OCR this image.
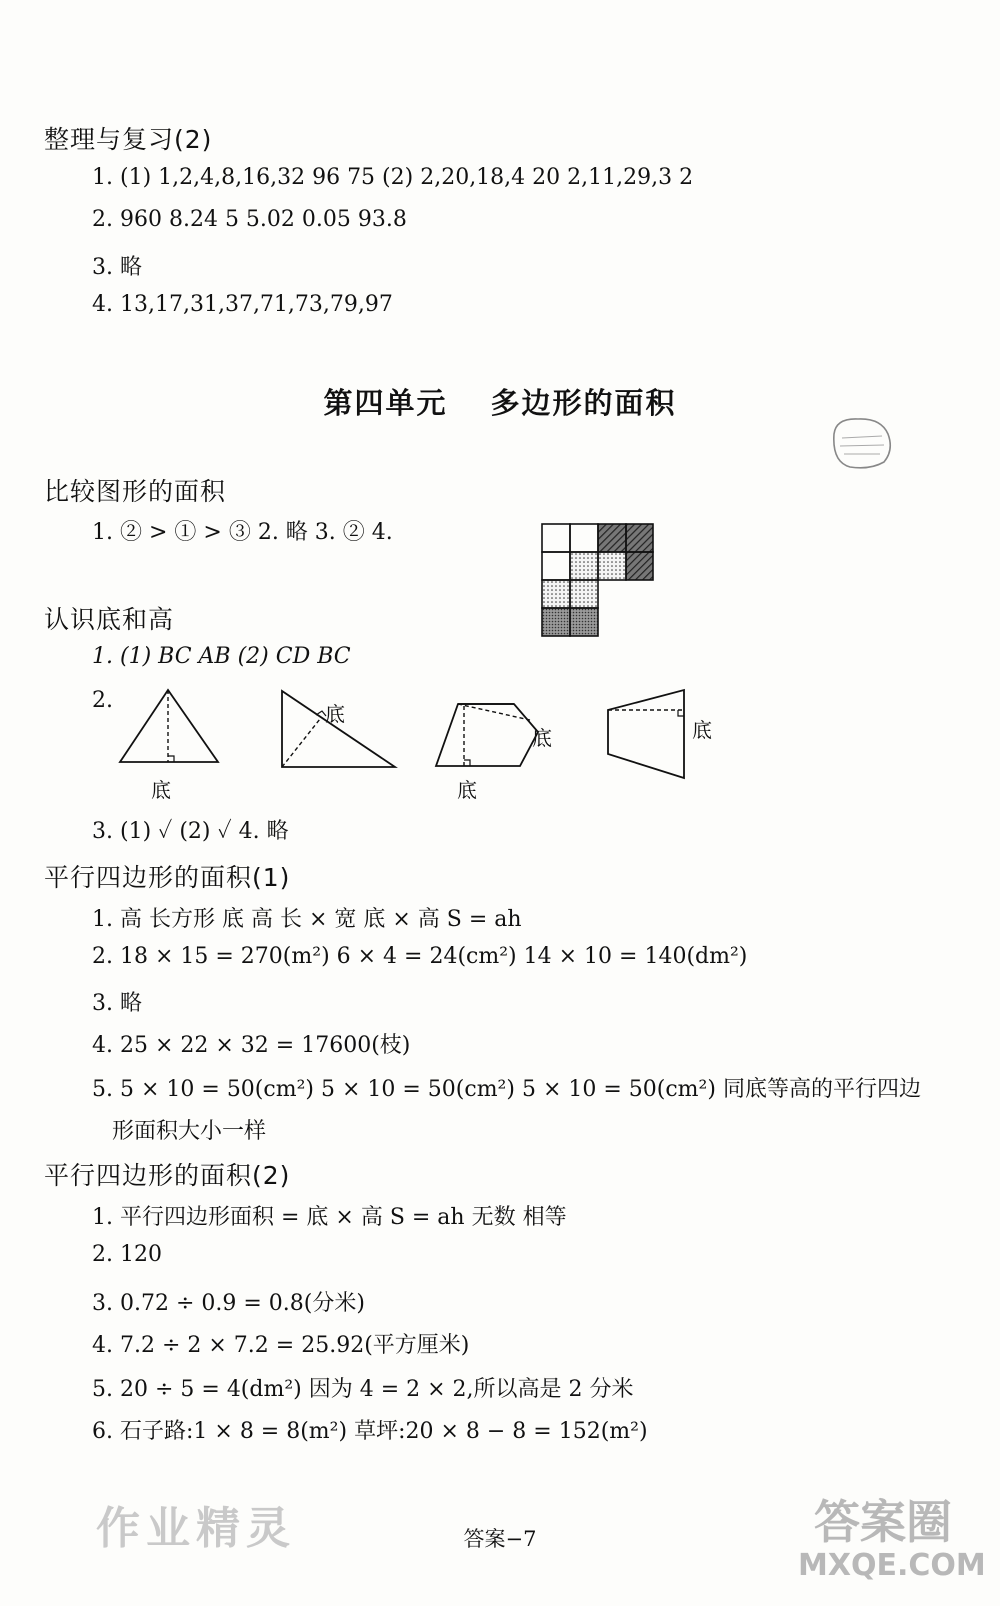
整理与复习(2)
1. (1) 1,2,4,8,16,32 96 75 (2) 2,20,18,4 20 2,11,29,3 2
2. 960 8.24 5 5.02 0.05 93.8
3. 略
4. 13,17,31,37,71,73,79,97
第四单元　 多边形的面积
比较图形的面积
1. ② > ① > ③ 2. 略 3. ② 4.
认识底和高
1. (1) BC AB (2) CD BC
2.
底
底
底
底
底
3. (1) ✓ (2) ✓ 4. 略
平行四边形的面积(1)
1. 高 长方形 底 高 长 × 宽 底 × 高 S = ah
2. 18 × 15 = 270(m²) 6 × 4 = 24(cm²) 14 × 10 = 140(dm²)
3. 略
4. 25 × 22 × 32 = 17600(枝)
5. 5 × 10 = 50(cm²) 5 × 10 = 50(cm²) 5 × 10 = 50(cm²) 同底等高的平行四边
形面积大小一样
平行四边形的面积(2)
1. 平行四边形面积 = 底 × 高 S = ah 无数 相等
2. 120
3. 0.72 ÷ 0.9 = 0.8(分米)
4. 7.2 ÷ 2 × 7.2 = 25.92(平方厘米)
5. 20 ÷ 5 = 4(dm²) 因为 4 = 2 × 2,所以高是 2 分米
6. 石子路:1 × 8 = 8(m²) 草坪:20 × 8 − 8 = 152(m²)
答案−7
作业精灵	答案圈
MXQE.COM
